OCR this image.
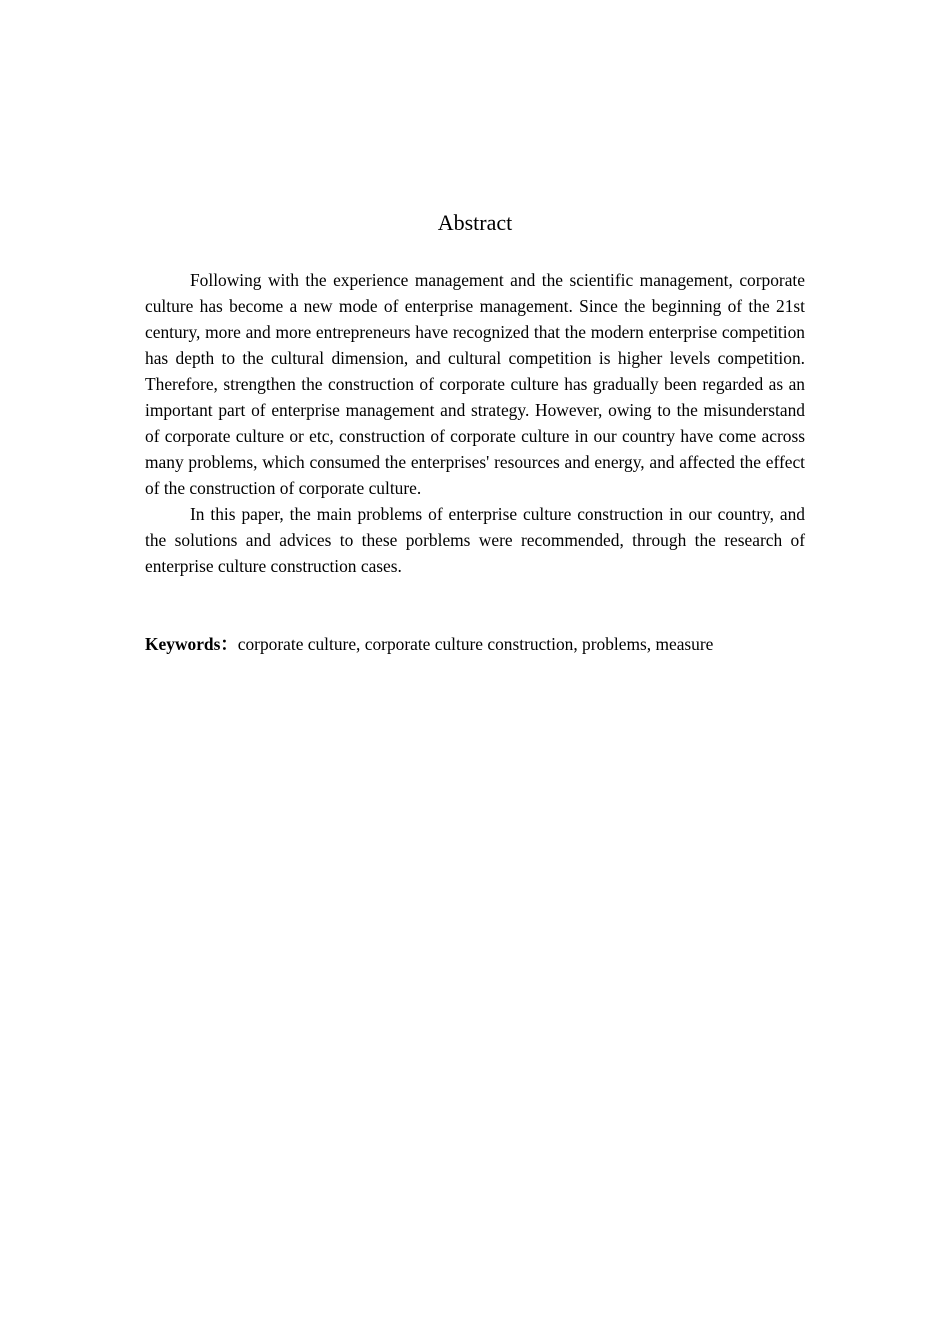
Abstract

Following with the experience management and the scientific management, corporate culture has become a new mode of enterprise management. Since the beginning of the 21st century, more and more entrepreneurs have recognized that the modern enterprise competition has depth to the cultural dimension, and cultural competition is higher levels competition. Therefore, strengthen the construction of corporate culture has gradually been regarded as an important part of enterprise management and strategy. However, owing to the misunderstand of corporate culture or etc, construction of corporate culture in our country have come across many problems, which consumed the enterprises' resources and energy, and affected the effect of the construction of corporate culture.

In this paper, the main problems of enterprise culture construction in our country, and the solutions and advices to these porblems were recommended, through the research of enterprise culture construction cases.

Keywords：corporate culture, corporate culture construction, problems, measure
